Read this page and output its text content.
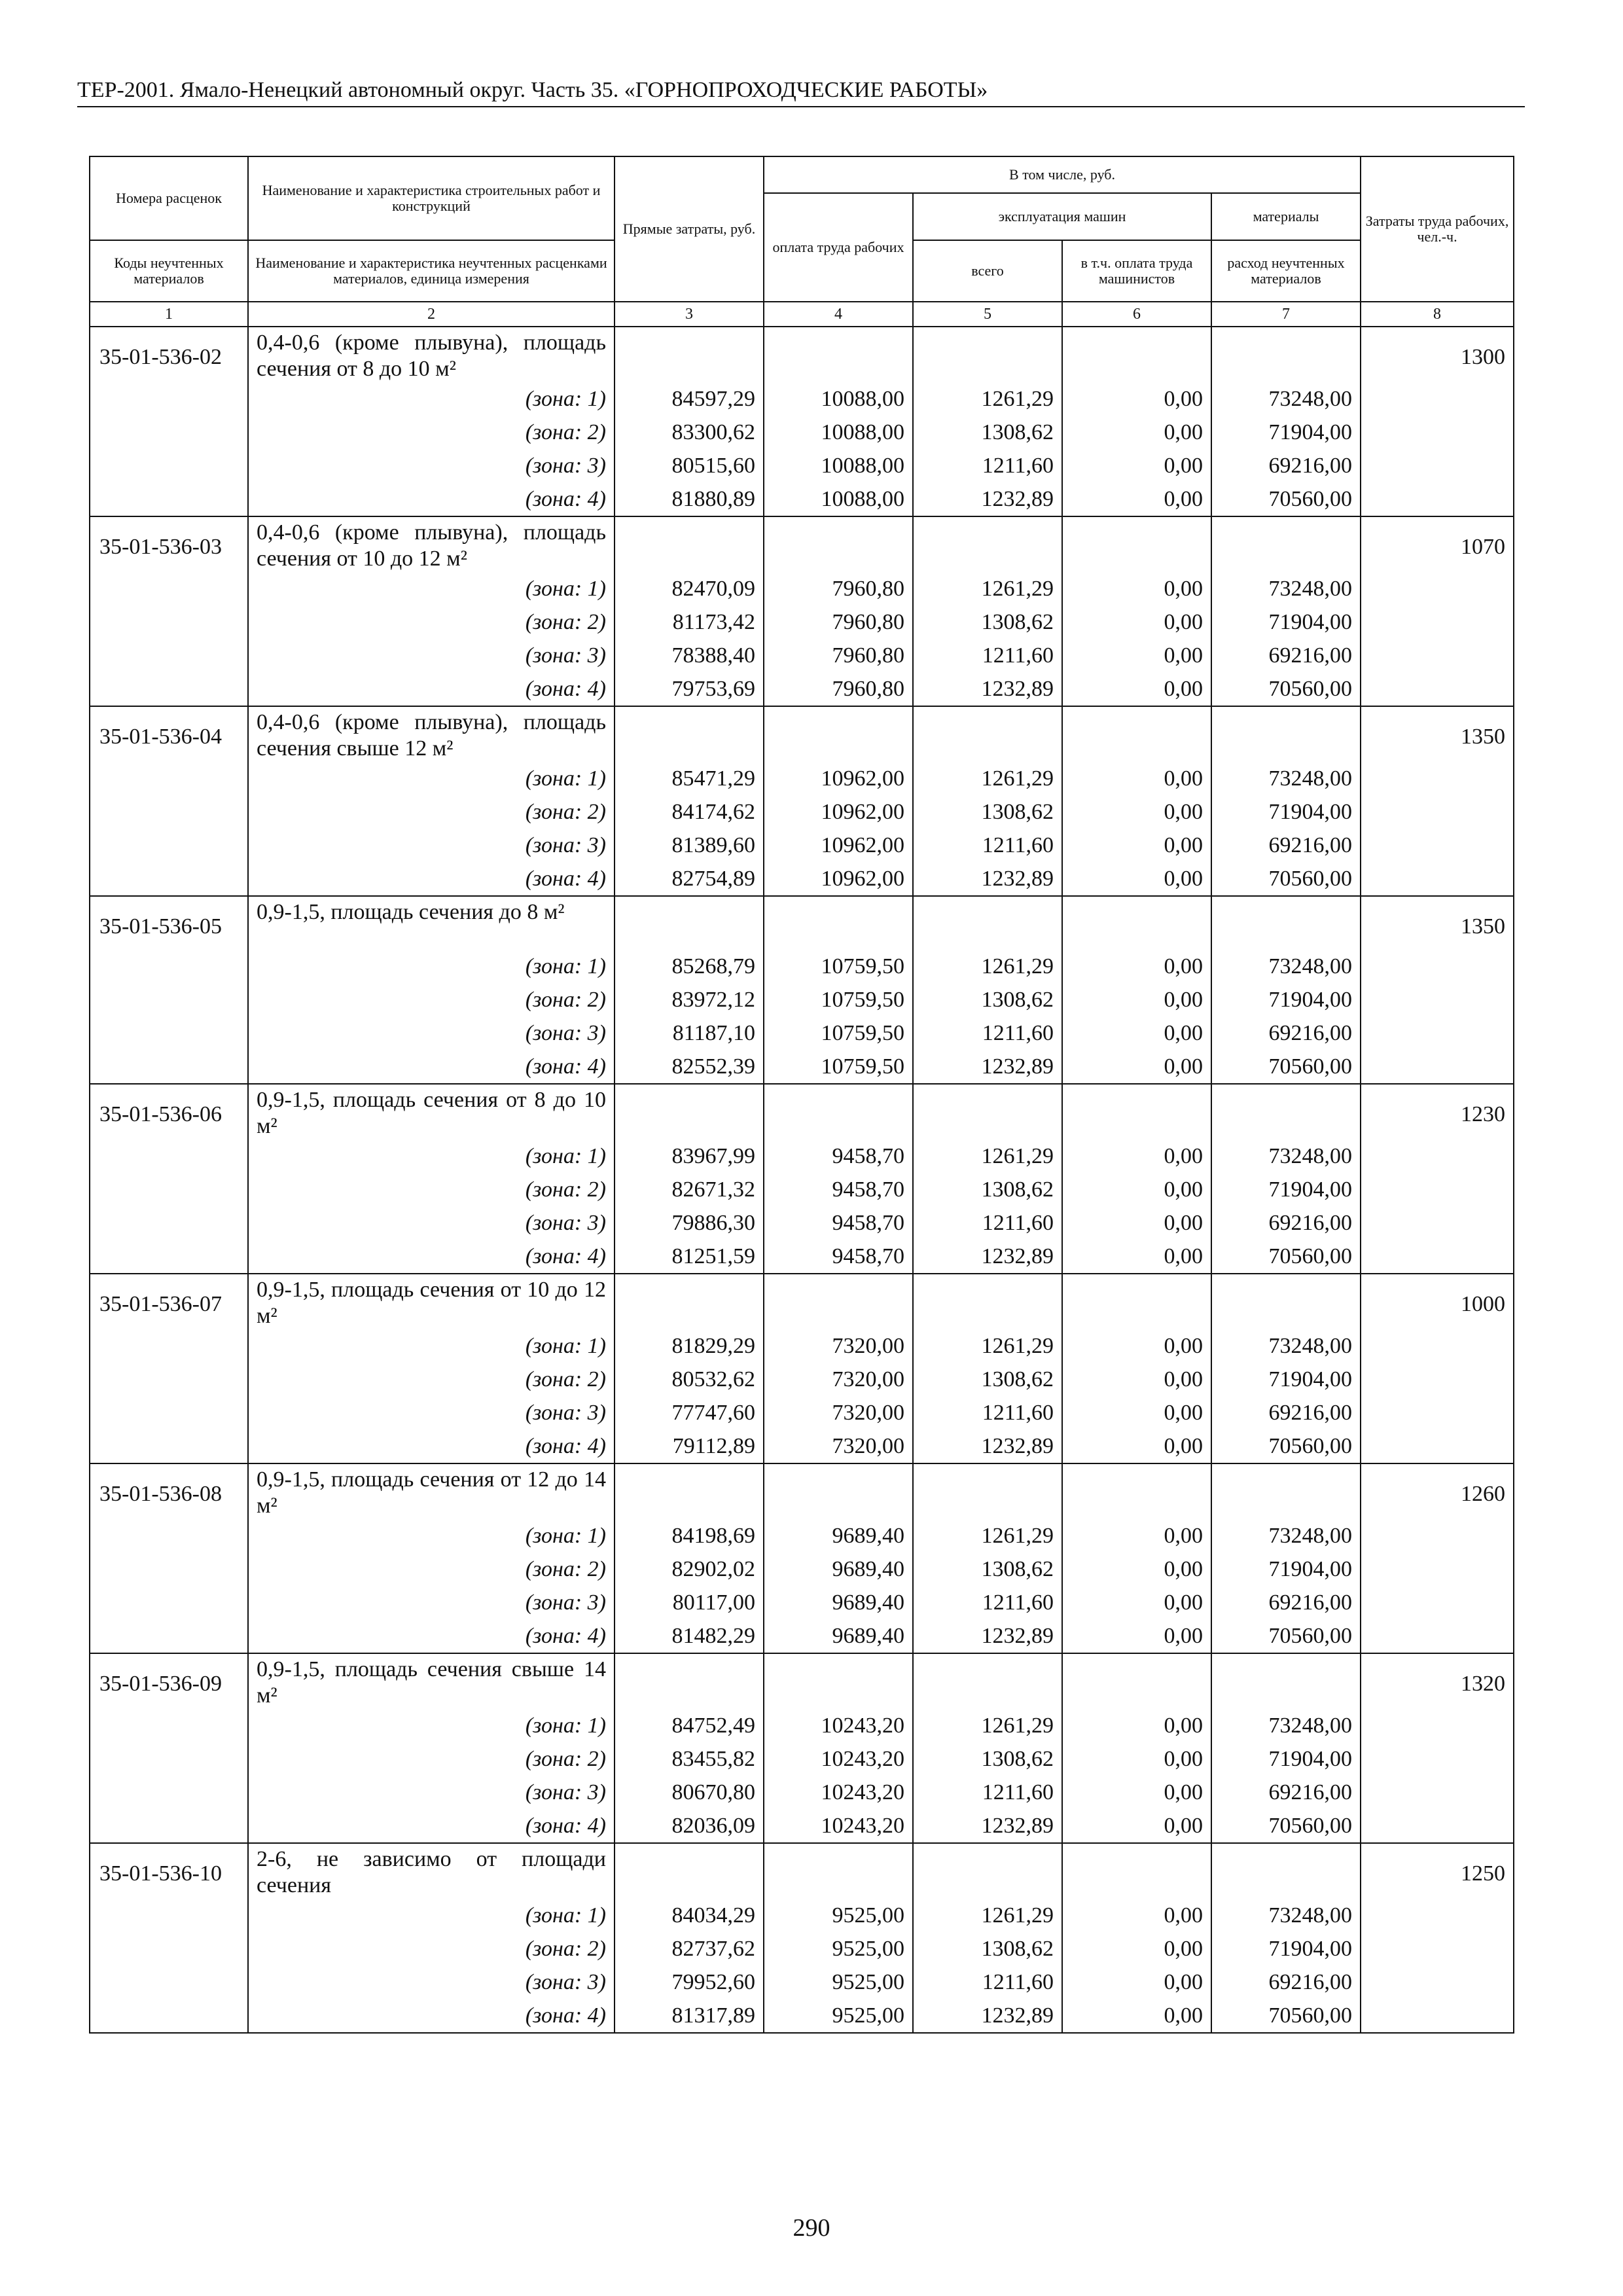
ТЕР-2001. Ямало-Ненецкий автономный округ. Часть 35. «ГОРНОПРОХОДЧЕСКИЕ РАБОТЫ»
Номера расценок	Наименование и характеристика строительных работ и конструкций	Прямые затраты, руб.	В том числе, руб.				Затраты труда рабочих, чел.-ч.
			оплата труда рабочих	эксплуатация машин		материалы	
Коды неучтенных материалов	Наименование и характеристика неучтенных расценками материалов, единица измерения			всего	в т.ч. оплата труда машинистов	расход неучтенных материалов	
1	2	3	4	5	6	7	8
35-01-536-02	0,4-0,6 (кроме плывуна), площадь сечения от 8 до 10 м²						1300
	(зона: 1)	84597,29	10088,00	1261,29	0,00	73248,00	
	(зона: 2)	83300,62	10088,00	1308,62	0,00	71904,00	
	(зона: 3)	80515,60	10088,00	1211,60	0,00	69216,00	
	(зона: 4)	81880,89	10088,00	1232,89	0,00	70560,00	
35-01-536-03	0,4-0,6 (кроме плывуна), площадь сечения от 10 до 12 м²						1070
	(зона: 1)	82470,09	7960,80	1261,29	0,00	73248,00	
	(зона: 2)	81173,42	7960,80	1308,62	0,00	71904,00	
	(зона: 3)	78388,40	7960,80	1211,60	0,00	69216,00	
	(зона: 4)	79753,69	7960,80	1232,89	0,00	70560,00	
35-01-536-04	0,4-0,6 (кроме плывуна), площадь сечения свыше 12 м²						1350
	(зона: 1)	85471,29	10962,00	1261,29	0,00	73248,00	
	(зона: 2)	84174,62	10962,00	1308,62	0,00	71904,00	
	(зона: 3)	81389,60	10962,00	1211,60	0,00	69216,00	
	(зона: 4)	82754,89	10962,00	1232,89	0,00	70560,00	
35-01-536-05	0,9-1,5, площадь сечения до 8 м²						1350
	(зона: 1)	85268,79	10759,50	1261,29	0,00	73248,00	
	(зона: 2)	83972,12	10759,50	1308,62	0,00	71904,00	
	(зона: 3)	81187,10	10759,50	1211,60	0,00	69216,00	
	(зона: 4)	82552,39	10759,50	1232,89	0,00	70560,00	
35-01-536-06	0,9-1,5, площадь сечения от 8 до 10 м²						1230
	(зона: 1)	83967,99	9458,70	1261,29	0,00	73248,00	
	(зона: 2)	82671,32	9458,70	1308,62	0,00	71904,00	
	(зона: 3)	79886,30	9458,70	1211,60	0,00	69216,00	
	(зона: 4)	81251,59	9458,70	1232,89	0,00	70560,00	
35-01-536-07	0,9-1,5, площадь сечения от 10 до 12 м²						1000
	(зона: 1)	81829,29	7320,00	1261,29	0,00	73248,00	
	(зона: 2)	80532,62	7320,00	1308,62	0,00	71904,00	
	(зона: 3)	77747,60	7320,00	1211,60	0,00	69216,00	
	(зона: 4)	79112,89	7320,00	1232,89	0,00	70560,00	
35-01-536-08	0,9-1,5, площадь сечения от 12 до 14 м²						1260
	(зона: 1)	84198,69	9689,40	1261,29	0,00	73248,00	
	(зона: 2)	82902,02	9689,40	1308,62	0,00	71904,00	
	(зона: 3)	80117,00	9689,40	1211,60	0,00	69216,00	
	(зона: 4)	81482,29	9689,40	1232,89	0,00	70560,00	
35-01-536-09	0,9-1,5, площадь сечения свыше 14 м²						1320
	(зона: 1)	84752,49	10243,20	1261,29	0,00	73248,00	
	(зона: 2)	83455,82	10243,20	1308,62	0,00	71904,00	
	(зона: 3)	80670,80	10243,20	1211,60	0,00	69216,00	
	(зона: 4)	82036,09	10243,20	1232,89	0,00	70560,00	
35-01-536-10	2-6, не зависимо от площади сечения						1250
	(зона: 1)	84034,29	9525,00	1261,29	0,00	73248,00	
	(зона: 2)	82737,62	9525,00	1308,62	0,00	71904,00	
	(зона: 3)	79952,60	9525,00	1211,60	0,00	69216,00	
	(зона: 4)	81317,89	9525,00	1232,89	0,00	70560,00	
290
